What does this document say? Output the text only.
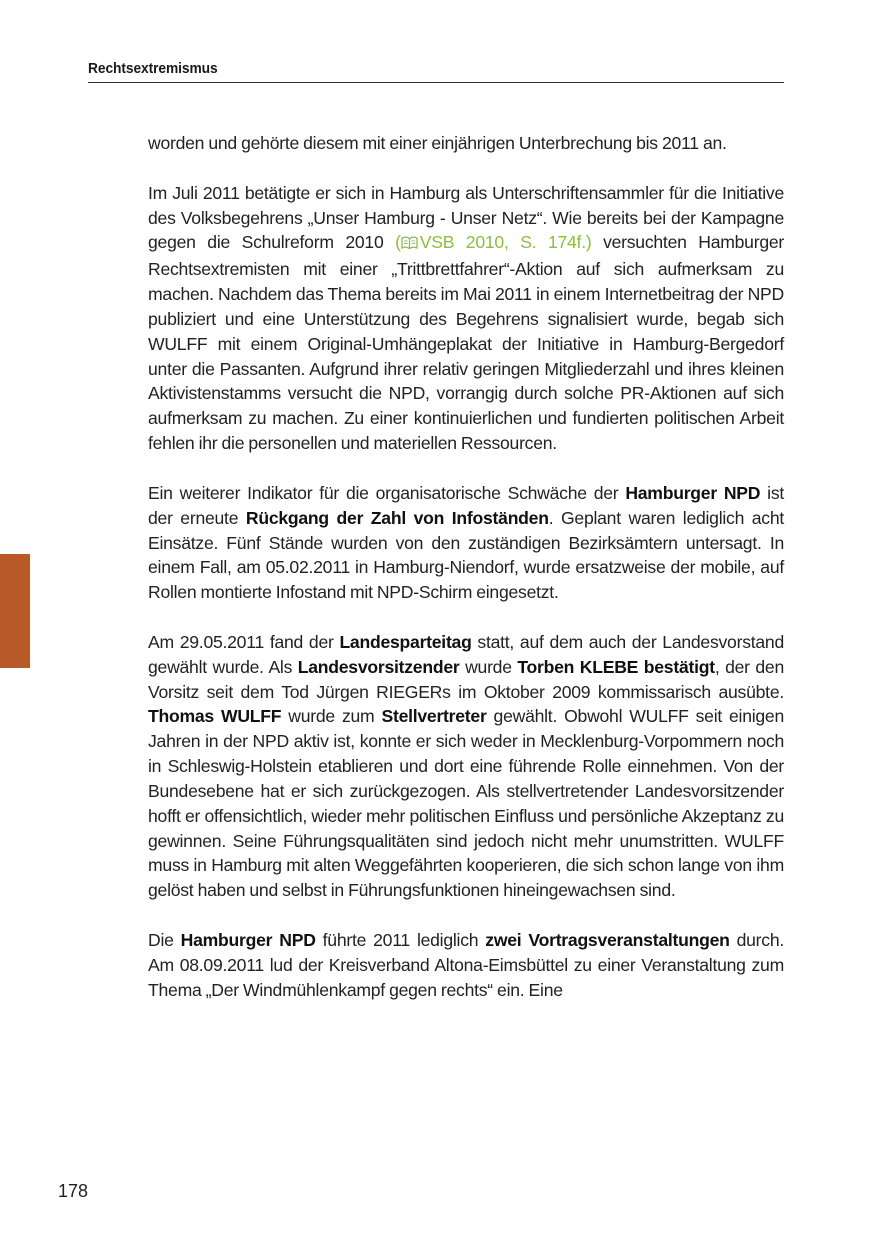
Rechtsextremismus

worden und gehörte diesem mit einer einjährigen Unterbrechung bis 2011 an.

Im Juli 2011 betätigte er sich in Hamburg als Unterschriftensammler für die Initiative des Volksbegehrens „Unser Hamburg - Unser Netz“. Wie bereits bei der Kampagne gegen die Schulreform 2010 ( VSB 2010, S. 174f.) versuchten Hamburger Rechtsextremisten mit einer „Trittbrettfahrer“-Aktion auf sich aufmerksam zu machen. Nachdem das Thema bereits im Mai 2011 in einem Internetbeitrag der NPD publiziert und eine Unterstützung des Begehrens signalisiert wurde, begab sich WULFF mit einem Original-Umhängeplakat der Initiative in Hamburg-Bergedorf unter die Passanten. Aufgrund ihrer relativ geringen Mitgliederzahl und ihres kleinen Aktivistenstamms versucht die NPD, vorrangig durch solche PR-Aktionen auf sich aufmerksam zu machen. Zu einer kontinuierlichen und fundierten politischen Arbeit fehlen ihr die personellen und materiellen Ressourcen.

Ein weiterer Indikator für die organisatorische Schwäche der Hamburger NPD ist der erneute Rückgang der Zahl von Infoständen. Geplant waren lediglich acht Einsätze. Fünf Stände wurden von den zuständigen Bezirksämtern untersagt. In einem Fall, am 05.02.2011 in Hamburg-Niendorf, wurde ersatzweise der mobile, auf Rollen montierte Infostand mit NPD-Schirm eingesetzt.

Am 29.05.2011 fand der Landesparteitag statt, auf dem auch der Landesvorstand gewählt wurde. Als Landesvorsitzender wurde Torben KLEBE bestätigt, der den Vorsitz seit dem Tod Jürgen RIEGERs im Oktober 2009 kommissarisch ausübte. Thomas WULFF wurde zum Stellvertreter gewählt. Obwohl WULFF seit einigen Jahren in der NPD aktiv ist, konnte er sich weder in Mecklenburg-Vorpommern noch in Schleswig-Holstein etablieren und dort eine führende Rolle einnehmen. Von der Bundesebene hat er sich zurückgezogen. Als stellvertretender Landesvorsitzender hofft er offensichtlich, wieder mehr politischen Einfluss und persönliche Akzeptanz zu gewinnen. Seine Führungsqualitäten sind jedoch nicht mehr unumstritten. WULFF muss in Hamburg mit alten Weggefährten kooperieren, die sich schon lange von ihm gelöst haben und selbst in Führungsfunktionen hineingewachsen sind.

Die Hamburger NPD führte 2011 lediglich zwei Vortragsveranstaltungen durch. Am 08.09.2011 lud der Kreisverband Altona-Eimsbüttel zu einer Veranstaltung zum Thema „Der Windmühlenkampf gegen rechts“ ein. Eine

178
